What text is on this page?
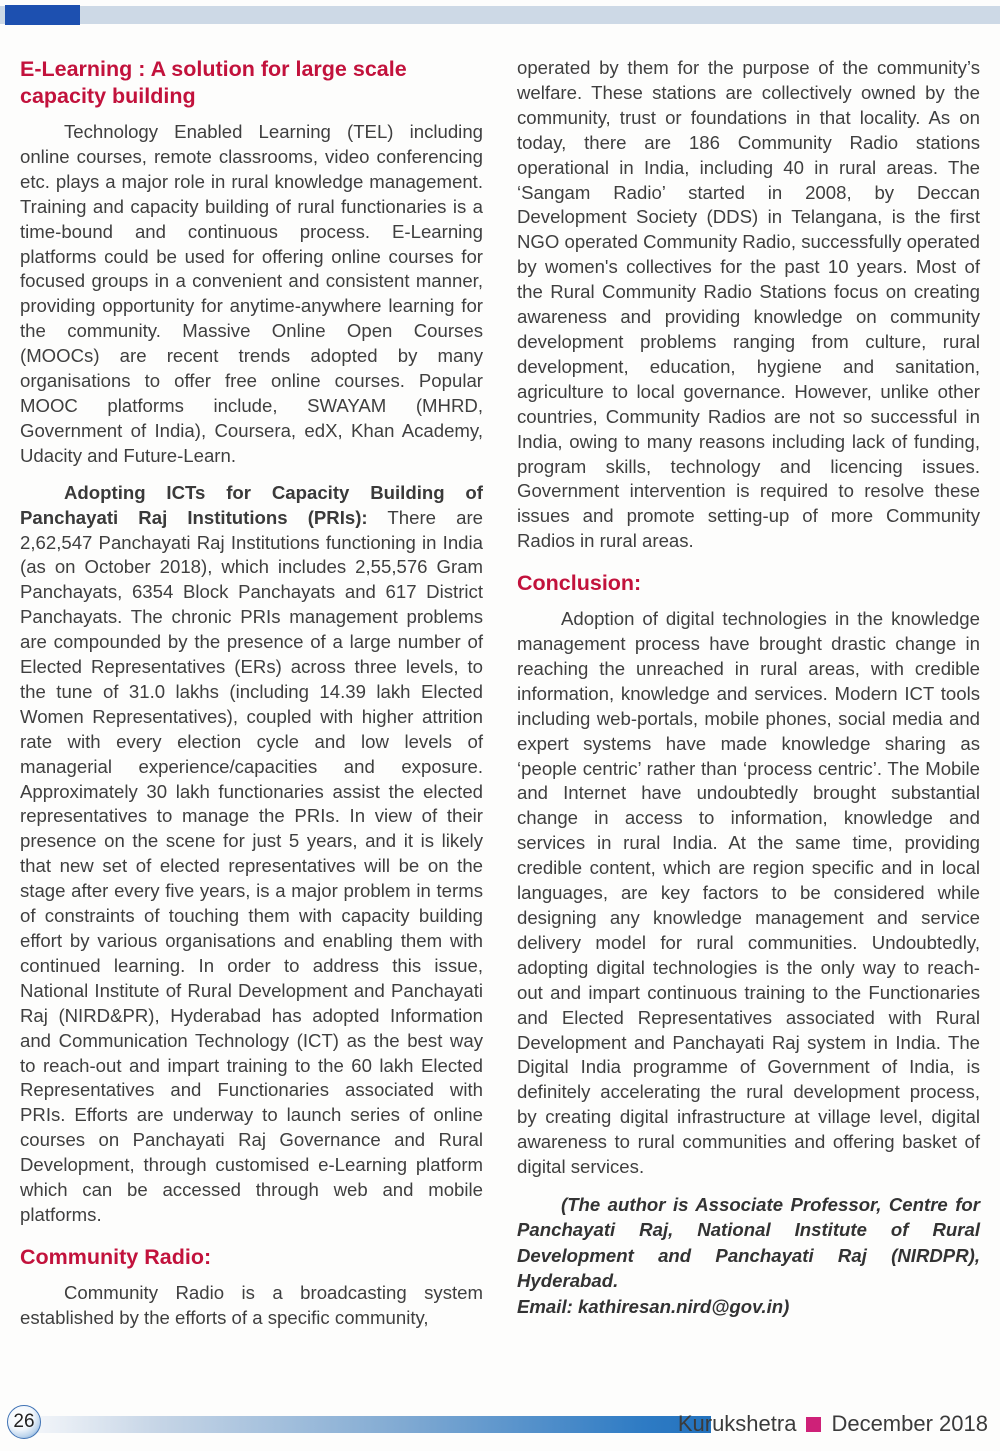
E-Learning : A solution for large scale capacity building

Technology Enabled Learning (TEL) including online courses, remote classrooms, video conferencing etc. plays a major role in rural knowledge management. Training and capacity building of rural functionaries is a time-bound and continuous process. E-Learning platforms could be used for offering online courses for focused groups in a convenient and consistent manner, providing opportunity for anytime-anywhere learning for the community. Massive Online Open Courses (MOOCs) are recent trends adopted by many organisations to offer free online courses. Popular MOOC platforms include, SWAYAM (MHRD, Government of India), Coursera, edX, Khan Academy, Udacity and Future-Learn.

Adopting ICTs for Capacity Building of Panchayati Raj Institutions (PRIs): There are 2,62,547 Panchayati Raj Institutions functioning in India (as on October 2018), which includes 2,55,576 Gram Panchayats, 6354 Block Panchayats and 617 District Panchayats. The chronic PRIs management problems are compounded by the presence of a large number of Elected Representatives (ERs) across three levels, to the tune of 31.0 lakhs (including 14.39 lakh Elected Women Representatives), coupled with higher attrition rate with every election cycle and low levels of managerial experience/capacities and exposure. Approximately 30 lakh functionaries assist the elected representatives to manage the PRIs. In view of their presence on the scene for just 5 years, and it is likely that new set of elected representatives will be on the stage after every five years, is a major problem in terms of constraints of touching them with capacity building effort by various organisations and enabling them with continued learning. In order to address this issue, National Institute of Rural Development and Panchayati Raj (NIRD&PR), Hyderabad has adopted Information and Communication Technology (ICT) as the best way to reach-out and impart training to the 60 lakh Elected Representatives and Functionaries associated with PRIs. Efforts are underway to launch series of online courses on Panchayati Raj Governance and Rural Development, through customised e-Learning platform which can be accessed through web and mobile platforms.

Community Radio:

Community Radio is a broadcasting system established by the efforts of a specific community,

operated by them for the purpose of the community’s welfare. These stations are collectively owned by the community, trust or foundations in that locality. As on today, there are 186 Community Radio stations operational in India, including 40 in rural areas. The ‘Sangam Radio’ started in 2008, by Deccan Development Society (DDS) in Telangana, is the first NGO operated Community Radio, successfully operated by women's collectives for the past 10 years. Most of the Rural Community Radio Stations focus on creating awareness and providing knowledge on community development problems ranging from culture, rural development, education, hygiene and sanitation, agriculture to local governance. However, unlike other countries, Community Radios are not so successful in India, owing to many reasons including lack of funding, program skills, technology and licencing issues. Government intervention is required to resolve these issues and promote setting-up of more Community Radios in rural areas.

Conclusion:

Adoption of digital technologies in the knowledge management process have brought drastic change in reaching the unreached in rural areas, with credible information, knowledge and services. Modern ICT tools including web-portals, mobile phones, social media and expert systems have made knowledge sharing as ‘people centric’ rather than ‘process centric’. The Mobile and Internet have undoubtedly brought substantial change in access to information, knowledge and services in rural India. At the same time, providing credible content, which are region specific and in local languages, are key factors to be considered while designing any knowledge management and service delivery model for rural communities. Undoubtedly, adopting digital technologies is the only way to reach-out and impart continuous training to the Functionaries and Elected Representatives associated with Rural Development and Panchayati Raj system in India. The Digital India programme of Government of India, is definitely accelerating the rural development process, by creating digital infrastructure at village level, digital awareness to rural communities and offering basket of digital services.

(The author is Associate Professor, Centre for Panchayati Raj, National Institute of Rural Development and Panchayati Raj (NIRDPR), Hyderabad.

Email: kathiresan.nird@gov.in)

26	Kurukshetra December 2018
